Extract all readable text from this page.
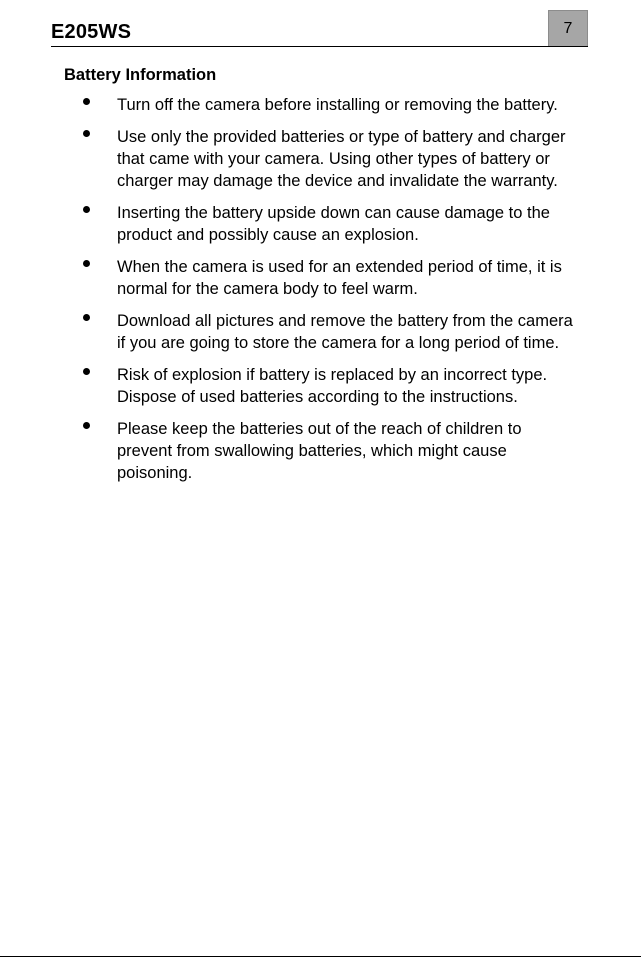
E205WS	7
Battery Information
Turn off the camera before installing or removing the battery.
Use only the provided batteries or type of battery and charger that came with your camera. Using other types of battery or charger may damage the device and invalidate the warranty.
Inserting the battery upside down can cause damage to the product and possibly cause an explosion.
When the camera is used for an extended period of time, it is normal for the camera body to feel warm.
Download all pictures and remove the battery from the camera if you are going to store the camera for a long period of time.
Risk of explosion if battery is replaced by an incorrect type. Dispose of used batteries according to the instructions.
Please keep the batteries out of the reach of children to prevent from swallowing batteries, which might cause poisoning.
